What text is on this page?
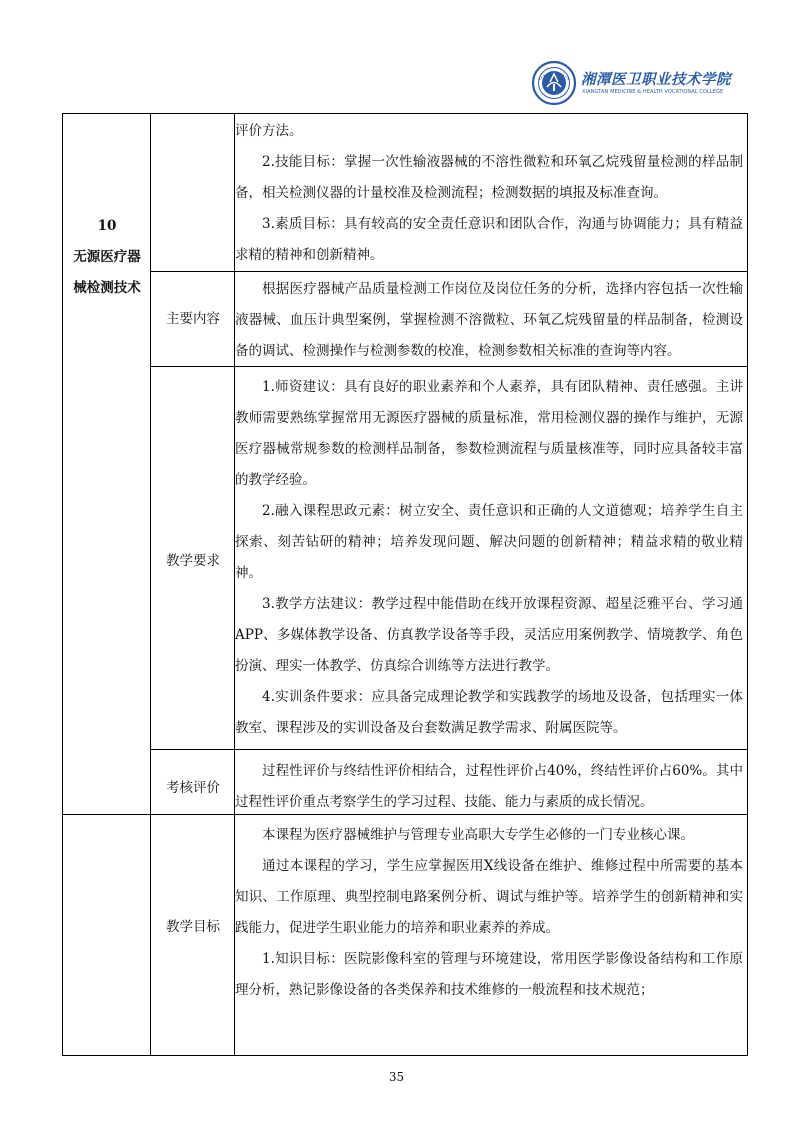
湘潭医卫职业技术学院
XIANGTAN MEDICINE & HEALTH VOCATIONAL COLLEGE
10
无源医疗器
械检测技术

评价方法。

2.技能目标：掌握一次性输液器械的不溶性微粒和环氧乙烷残留量检测的样品制备，相关检测仪器的计量校准及检测流程；检测数据的填报及标准查询。

3.素质目标：具有较高的安全责任意识和团队合作，沟通与协调能力；具有精益求精的精神和创新精神。

主要内容

根据医疗器械产品质量检测工作岗位及岗位任务的分析，选择内容包括一次性输液器械、血压计典型案例，掌握检测不溶微粒、环氧乙烷残留量的样品制备，检测设备的调试、检测操作与检测参数的校准，检测参数相关标准的查询等内容。

教学要求

1.师资建议：具有良好的职业素养和个人素养，具有团队精神、责任感强。主讲教师需要熟练掌握常用无源医疗器械的质量标准，常用检测仪器的操作与维护，无源医疗器械常规参数的检测样品制备，参数检测流程与质量核准等，同时应具备较丰富的教学经验。

2.融入课程思政元素：树立安全、责任意识和正确的人文道德观；培养学生自主探索、刻苦钻研的精神；培养发现问题、解决问题的创新精神；精益求精的敬业精神。

3.教学方法建议：教学过程中能借助在线开放课程资源、超星泛雅平台、学习通APP、多媒体教学设备、仿真教学设备等手段，灵活应用案例教学、情境教学、角色扮演、理实一体教学、仿真综合训练等方法进行教学。

4.实训条件要求：应具备完成理论教学和实践教学的场地及设备，包括理实一体教室、课程涉及的实训设备及台套数满足教学需求、附属医院等。

考核评价

过程性评价与终结性评价相结合，过程性评价占40%，终结性评价占60%。其中过程性评价重点考察学生的学习过程、技能、能力与素质的成长情况。

教学目标

本课程为医疗器械维护与管理专业高职大专学生必修的一门专业核心课。

通过本课程的学习，学生应掌握医用X线设备在维护、维修过程中所需要的基本知识、工作原理、典型控制电路案例分析、调试与维护等。培养学生的创新精神和实践能力，促进学生职业能力的培养和职业素养的养成。

1.知识目标：医院影像科室的管理与环境建设，常用医学影像设备结构和工作原理分析，熟记影像设备的各类保养和技术维修的一般流程和技术规范；

35
